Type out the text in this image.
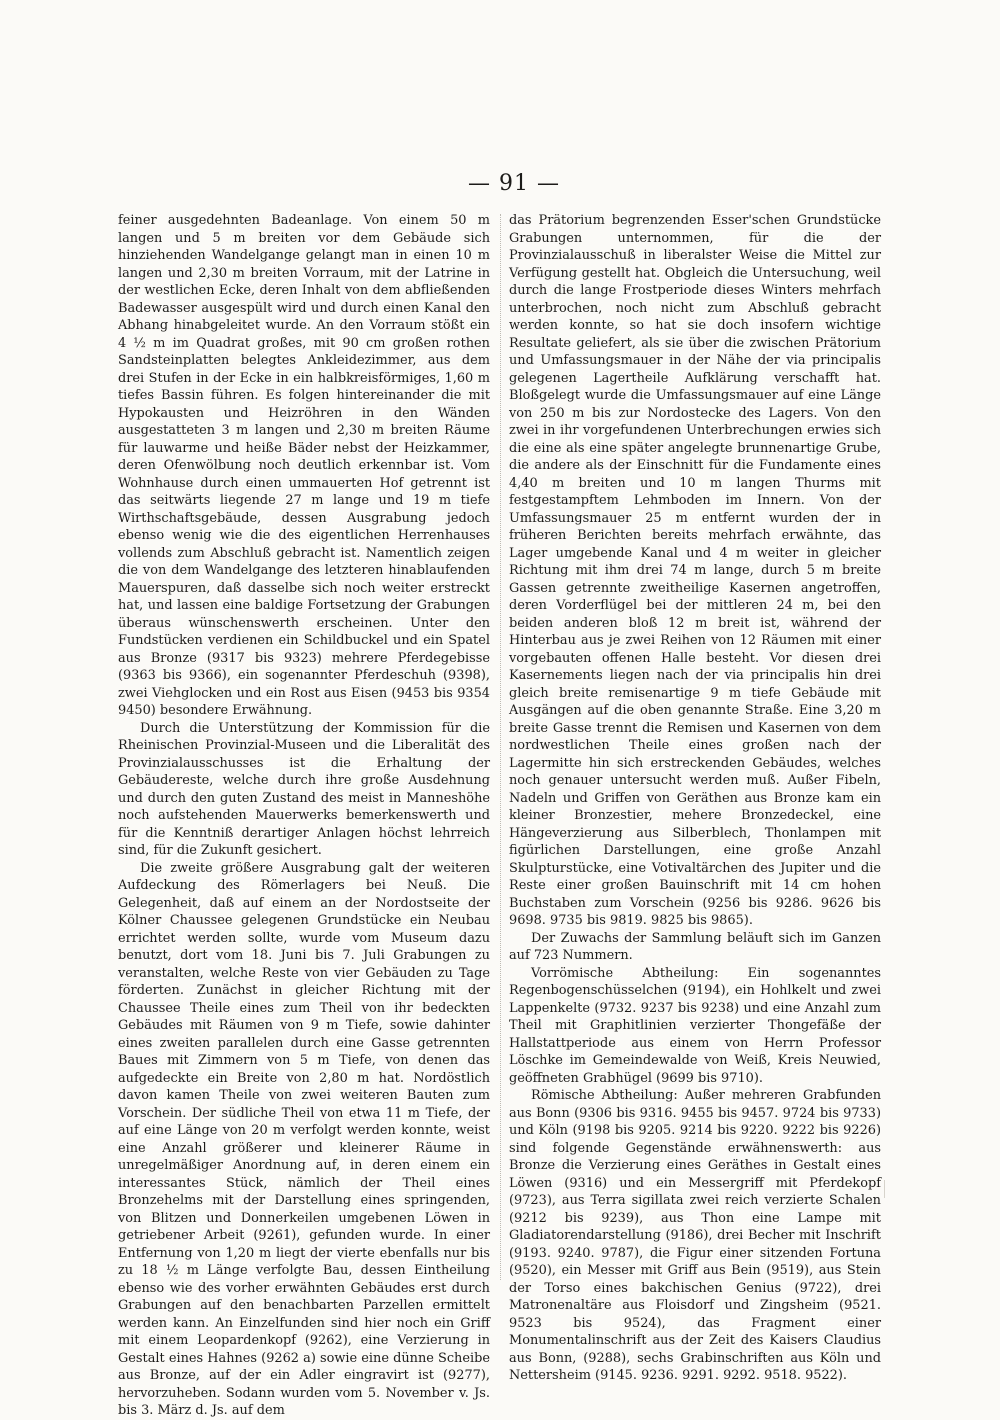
— 91 —

feiner ausgedehnten Badeanlage. Von einem 50 m langen und 5 m breiten vor dem Gebäude sich hinziehenden Wandelgange gelangt man in einen 10 m langen und 2,30 m breiten Vorraum, mit der Latrine in der westlichen Ecke, deren Inhalt von dem abfließenden Badewasser ausgespült wird und durch einen Kanal den Abhang hinabgeleitet wurde. An den Vorraum stößt ein 4 ½ m im Quadrat großes, mit 90 cm großen rothen Sandsteinplatten belegtes Ankleidezimmer, aus dem drei Stufen in der Ecke in ein halbkreisförmiges, 1,60 m tiefes Bassin führen. Es folgen hintereinander die mit Hypokausten und Heizröhren in den Wänden ausgestatteten 3 m langen und 2,30 m breiten Räume für lauwarme und heiße Bäder nebst der Heizkammer, deren Ofenwölbung noch deutlich erkennbar ist. Vom Wohnhause durch einen ummauerten Hof getrennt ist das seitwärts liegende 27 m lange und 19 m tiefe Wirthschaftsgebäude, dessen Ausgrabung jedoch ebenso wenig wie die des eigentlichen Herrenhauses vollends zum Abschluß gebracht ist. Namentlich zeigen die von dem Wandelgange des letzteren hinablaufenden Mauerspuren, daß dasselbe sich noch weiter erstreckt hat, und lassen eine baldige Fortsetzung der Grabungen überaus wünschenswerth erscheinen. Unter den Fundstücken verdienen ein Schildbuckel und ein Spatel aus Bronze (9317 bis 9323) mehrere Pferdegebisse (9363 bis 9366), ein sogenannter Pferdeschuh (9398), zwei Viehglocken und ein Rost aus Eisen (9453 bis 9354 9450) besondere Erwähnung.

Durch die Unterstützung der Kommission für die Rheinischen Provinzial-Museen und die Liberalität des Provinzialausschusses ist die Erhaltung der Gebäudereste, welche durch ihre große Ausdehnung und durch den guten Zustand des meist in Manneshöhe noch aufstehenden Mauerwerks bemerkenswerth und für die Kenntniß derartiger Anlagen höchst lehrreich sind, für die Zukunft gesichert.

Die zweite größere Ausgrabung galt der weiteren Aufdeckung des Römerlagers bei Neuß. Die Gelegenheit, daß auf einem an der Nordostseite der Kölner Chaussee gelegenen Grundstücke ein Neubau errichtet werden sollte, wurde vom Museum dazu benutzt, dort vom 18. Juni bis 7. Juli Grabungen zu veranstalten, welche Reste von vier Gebäuden zu Tage förderten. Zunächst in gleicher Richtung mit der Chaussee Theile eines zum Theil von ihr bedeckten Gebäudes mit Räumen von 9 m Tiefe, sowie dahinter eines zweiten parallelen durch eine Gasse getrennten Baues mit Zimmern von 5 m Tiefe, von denen das aufgedeckte ein Breite von 2,80 m hat. Nordöstlich davon kamen Theile von zwei weiteren Bauten zum Vorschein. Der südliche Theil von etwa 11 m Tiefe, der auf eine Länge von 20 m verfolgt werden konnte, weist eine Anzahl größerer und kleinerer Räume in unregelmäßiger Anordnung auf, in deren einem ein interessantes Stück, nämlich der Theil eines Bronzehelms mit der Darstellung eines springenden, von Blitzen und Donnerkeilen umgebenen Löwen in getriebener Arbeit (9261), gefunden wurde. In einer Entfernung von 1,20 m liegt der vierte ebenfalls nur bis zu 18 ½ m Länge verfolgte Bau, dessen Eintheilung ebenso wie des vorher erwähnten Gebäudes erst durch Grabungen auf den benachbarten Parzellen ermittelt werden kann. An Einzelfunden sind hier noch ein Griff mit einem Leopardenkopf (9262), eine Verzierung in Gestalt eines Hahnes (9262 a) sowie eine dünne Scheibe aus Bronze, auf der ein Adler eingravirt ist (9277), hervorzuheben. Sodann wurden vom 5. November v. Js. bis 3. März d. Js. auf dem

das Prätorium begrenzenden Esser'schen Grundstücke Grabungen unternommen, für die der Provinzialausschuß in liberalster Weise die Mittel zur Verfügung gestellt hat. Obgleich die Untersuchung, weil durch die lange Frostperiode dieses Winters mehrfach unterbrochen, noch nicht zum Abschluß gebracht werden konnte, so hat sie doch insofern wichtige Resultate geliefert, als sie über die zwischen Prätorium und Umfassungsmauer in der Nähe der via principalis gelegenen Lagertheile Aufklärung verschafft hat. Bloßgelegt wurde die Umfassungsmauer auf eine Länge von 250 m bis zur Nordostecke des Lagers. Von den zwei in ihr vorgefundenen Unterbrechungen erwies sich die eine als eine später angelegte brunnenartige Grube, die andere als der Einschnitt für die Fundamente eines 4,40 m breiten und 10 m langen Thurms mit festgestampftem Lehmboden im Innern. Von der Umfassungsmauer 25 m entfernt wurden der in früheren Berichten bereits mehrfach erwähnte, das Lager umgebende Kanal und 4 m weiter in gleicher Richtung mit ihm drei 74 m lange, durch 5 m breite Gassen getrennte zweitheilige Kasernen angetroffen, deren Vorderflügel bei der mittleren 24 m, bei den beiden anderen bloß 12 m breit ist, während der Hinterbau aus je zwei Reihen von 12 Räumen mit einer vorgebauten offenen Halle besteht. Vor diesen drei Kasernements liegen nach der via principalis hin drei gleich breite remisenartige 9 m tiefe Gebäude mit Ausgängen auf die oben genannte Straße. Eine 3,20 m breite Gasse trennt die Remisen und Kasernen von dem nordwestlichen Theile eines großen nach der Lagermitte hin sich erstreckenden Gebäudes, welches noch genauer untersucht werden muß. Außer Fibeln, Nadeln und Griffen von Geräthen aus Bronze kam ein kleiner Bronzestier, mehere Bronzedeckel, eine Hängeverzierung aus Silberblech, Thonlampen mit figürlichen Darstellungen, eine große Anzahl Skulpturstücke, eine Votivaltärchen des Jupiter und die Reste einer großen Bauinschrift mit 14 cm hohen Buchstaben zum Vorschein (9256 bis 9286. 9626 bis 9698. 9735 bis 9819. 9825 bis 9865).

Der Zuwachs der Sammlung beläuft sich im Ganzen auf 723 Nummern.

Vorrömische Abtheilung: Ein sogenanntes Regenbogenschüsselchen (9194), ein Hohlkelt und zwei Lappenkelte (9732. 9237 bis 9238) und eine Anzahl zum Theil mit Graphitlinien verzierter Thongefäße der Hallstattperiode aus einem von Herrn Professor Löschke im Gemeindewalde von Weiß, Kreis Neuwied, geöffneten Grabhügel (9699 bis 9710).

Römische Abtheilung: Außer mehreren Grabfunden aus Bonn (9306 bis 9316. 9455 bis 9457. 9724 bis 9733) und Köln (9198 bis 9205. 9214 bis 9220. 9222 bis 9226) sind folgende Gegenstände erwähnenswerth: aus Bronze die Verzierung eines Geräthes in Gestalt eines Löwen (9316) und ein Messergriff mit Pferdekopf (9723), aus Terra sigillata zwei reich verzierte Schalen (9212 bis 9239), aus Thon eine Lampe mit Gladiatorendarstellung (9186), drei Becher mit Inschrift (9193. 9240. 9787), die Figur einer sitzenden Fortuna (9520), ein Messer mit Griff aus Bein (9519), aus Stein der Torso eines bakchischen Genius (9722), drei Matronenaltäre aus Floisdorf und Zingsheim (9521. 9523 bis 9524), das Fragment einer Monumentalinschrift aus der Zeit des Kaisers Claudius aus Bonn, (9288), sechs Grabinschriften aus Köln und Nettersheim (9145. 9236. 9291. 9292. 9518. 9522).
